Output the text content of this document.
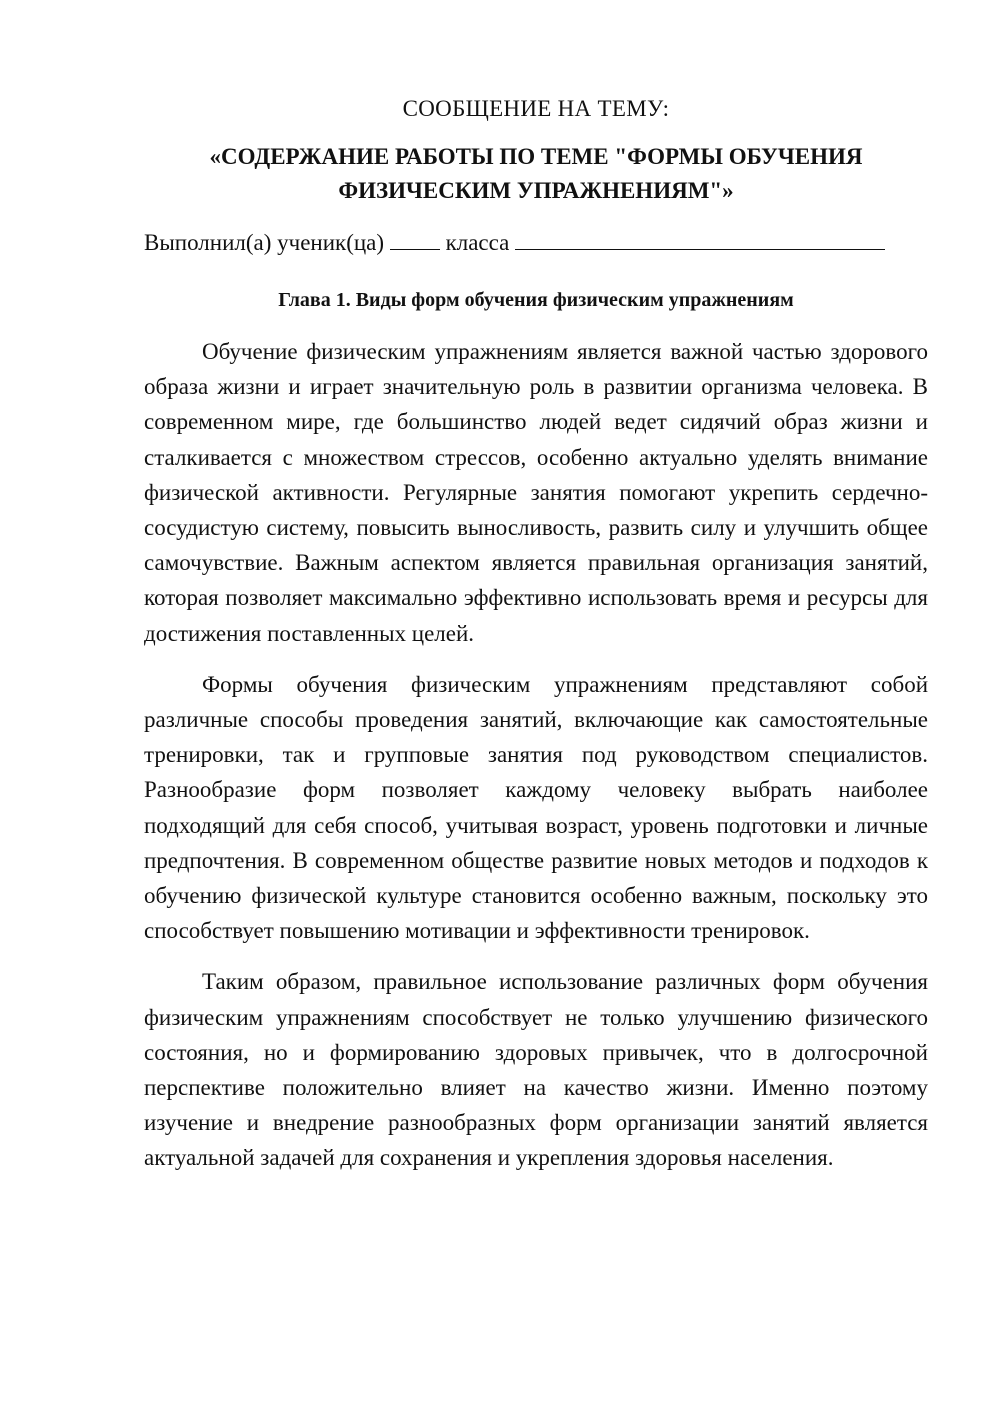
СООБЩЕНИЕ НА ТЕМУ:

«СОДЕРЖАНИЕ РАБОТЫ ПО ТЕМЕ "ФОРМЫ ОБУЧЕНИЯ ФИЗИЧЕСКИМ УПРАЖНЕНИЯМ"»
Выполнил(а) ученик(ца)	класса
Глава 1. Виды форм обучения физическим упражнениям

Обучение физическим упражнениям является важной частью здорового образа жизни и играет значительную роль в развитии организма человека. В современном мире, где большинство людей ведет сидячий образ жизни и сталкивается с множеством стрессов, особенно актуально уделять внимание физической активности. Регулярные занятия помогают укрепить сердечно-сосудистую систему, повысить выносливость, развить силу и улучшить общее самочувствие. Важным аспектом является правильная организация занятий, которая позволяет максимально эффективно использовать время и ресурсы для достижения поставленных целей.

Формы обучения физическим упражнениям представляют собой различные способы проведения занятий, включающие как самостоятельные тренировки, так и групповые занятия под руководством специалистов. Разнообразие форм позволяет каждому человеку выбрать наиболее подходящий для себя способ, учитывая возраст, уровень подготовки и личные предпочтения. В современном обществе развитие новых методов и подходов к обучению физической культуре становится особенно важным, поскольку это способствует повышению мотивации и эффективности тренировок.

Таким образом, правильное использование различных форм обучения физическим упражнениям способствует не только улучшению физического состояния, но и формированию здоровых привычек, что в долгосрочной перспективе положительно влияет на качество жизни. Именно поэтому изучение и внедрение разнообразных форм организации занятий является актуальной задачей для сохранения и укрепления здоровья населения.
